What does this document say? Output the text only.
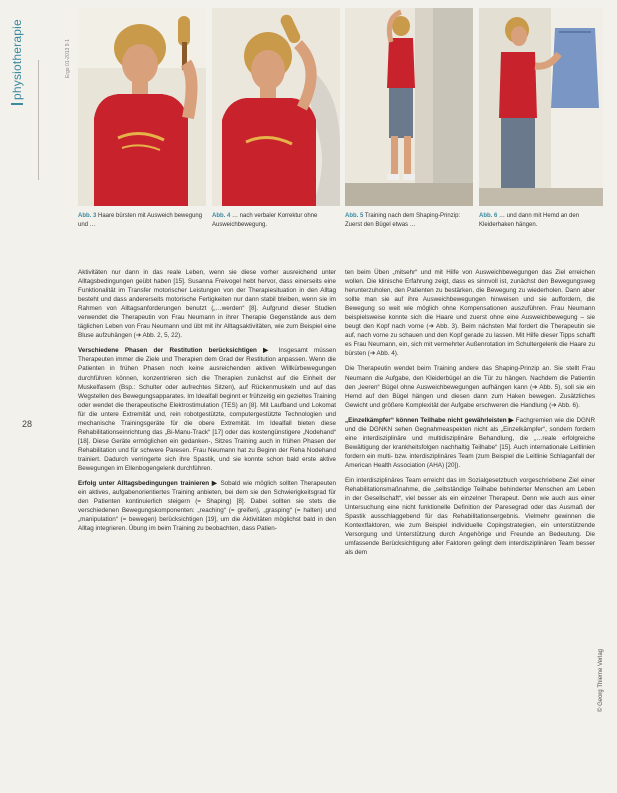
physiotherapie	Ergo 01-2013 9·1
28
© Georg Thieme Verlag
Abb. 3 Haare bürsten mit Ausweich bewegung und …
Abb. 4 … nach verbaler Korrektur ohne Ausweichbewegung.
Abb. 5 Training nach dem Shaping-Prinzip: Zuerst den Bügel etwas …
Abb. 6 … und dann mit Hemd an den Kleiderhaken hängen.

Aktivitäten nur dann in das reale Leben, wenn sie diese vorher ausreichend unter Alltagsbedingungen geübt haben [15]. Susanna Freivogel hebt hervor, dass einerseits eine Funktionalität im Transfer motorischer Leistungen von der Therapiesituation in den Alltag besteht und dass andererseits motorische Fertigkeiten nur dann stabil bleiben, wenn sie im Rahmen von Alltagsanforderungen benutzt („…werden“ [8]. Aufgrund dieser Studien verwendet die Therapeutin von Frau Neumann in ihrer Therapie Gegenstände aus dem täglichen Leben von Frau Neumann und übt mit ihr Alltagsaktivitäten, wie zum Beispiel eine Bluse aufzuhängen (➔ Abb. 2, 5, 22).

Verschiedene Phasen der Restitution berücksichtigen ▶ Insgesamt müssen Therapeuten immer die Ziele und Therapien dem Grad der Restitution anpassen. Wenn die Patienten in frühen Phasen noch keine ausreichenden aktiven Willkürbewegungen durchführen können, konzentrieren sich die Therapien zunächst auf die Einheit der Muskelfasern (Bsp.: Schulter oder aufrechtes Sitzen), auf Rückenmuskeln und auf das Wegstellen des Bewegungsapparates. Im Idealfall beginnt er frühzeitig ein gezieltes Training oder wendet die therapeutische Elektrostimulation (TES) an [8]. Mit Laufband und Lokomat für die untere Extremität und, rein robotgestützte, computergestützte Technologien und mechanische Trainingsgeräte für die obere Extremität. Im Idealfall bieten diese Rehabilitationseinrichtung das „Bi-Manu-Track“ [17] oder das kostengünstigere „Nodehand“ [18]. Diese Geräte ermöglichen ein gedanken-, Sitzes Training auch in frühen Phasen der Rehabilitation und für schwere Paresen. Frau Neumann hat zu Beginn der Reha Nodehand trainiert. Dadurch verringerte sich ihre Spastik, und sie konnte schon bald erste aktive Bewegungen im Ellenbogengelenk durchführen.

Erfolg unter Alltagsbedingungen trainieren ▶ Sobald wie möglich sollten Therapeuten ein aktives, aufgabenorientiertes Training anbieten, bei dem sie den Schwierigkeitsgrad für den Patienten kontinuierlich steigern (= Shaping) [8]. Dabei sollten sie stets die verschiedenen Bewegungskomponenten: „reaching“ (= greifen), „grasping“ (= halten) und „manipulation“ (= bewegen) berücksichtigen [19], um die Aktivitäten möglichst bald in den Alltag integrieren. Übung im beim Training zu beobachten, dass Patien-

ten beim Üben „mitsehr“ und mit Hilfe von Ausweichbewegungen das Ziel erreichen wollen. Die klinische Erfahrung zeigt, dass es sinnvoll ist, zunächst den Bewegungsweg herunterzuholen, den Patienten zu bestärken, die Bewegung zu wiederholen. Dann aber sollte man sie auf ihre Ausweichbewegungen hinweisen und sie auffordern, die Bewegung so weit wie möglich ohne Kompensationen auszuführen. Frau Neumann beispielsweise konnte sich die Haare und zuerst ohne eine Ausweichbewegung – sie beugt den Kopf nach vorne (➔ Abb. 3). Beim nächsten Mal fordert die Therapeutin sie auf, nach vorne zu schauen und den Kopf gerade zu lassen. Mit Hilfe dieser Tipps schafft es Frau Neumann, ein, sich mit vermehrter Außenrotation im Schultergelenk die Haare zu bürsten (➔ Abb. 4).

Die Therapeutin wendet beim Training andere das Shaping-Prinzip an. Sie stellt Frau Neumann die Aufgabe, den Kleiderbügel an die Tür zu hängen. Nachdem die Patientin den „leeren“ Bügel ohne Ausweichbewegungen aufhängen kann (➔ Abb. 5), soll sie ein Hemd auf den Bügel hängen und diesen dann zum Haken bewegen. Zusätzliches Gewicht und größere Komplexität der Aufgabe erschweren die Handlung (➔ Abb. 6).

„Einzelkämpfer“ können Teilhabe nicht gewährleisten ▶ Fachgremien wie die DGNR und die DGNKN sehen Gegnahmeaspekten nicht als „Einzelkämpfer“, sondern fordern eine interdisziplinäre und multidisziplinäre Behandlung, die „…reale erfolgreiche Bewältigung der krankheitsfolgen nachhaltig Teilhabe“ [15]. Auch internationale Leitlinien fordern ein multi- bzw. interdisziplinäres Team (zum Beispiel die Leitlinie Schlaganfall der American Health Association (AHA) [20]).

Ein interdisziplinäres Team erreicht das im Sozialgesetzbuch vorgeschriebene Ziel einer Rehabilitationsmaßnahme, die „selbständige Teilhabe behinderter Menschen am Leben in der Gesellschaft“, viel besser als ein einzelner Therapeut. Denn wie auch aus einer Untersuchung eine nicht funktionelle Definition der Paresegrad oder das Ausmaß der Spastik ausschlaggebend für das Rehabilitationsergebnis. Vielmehr gewinnen die Kontextfaktoren, wie zum Beispiel individuelle Copingstrategien, ein unterstützende Versorgung und Unterstützung durch Angehörige und Freunde an Bedeutung. Die umfassende Berücksichtigung aller Faktoren gelingt dem interdisziplinären Team besser als dem
